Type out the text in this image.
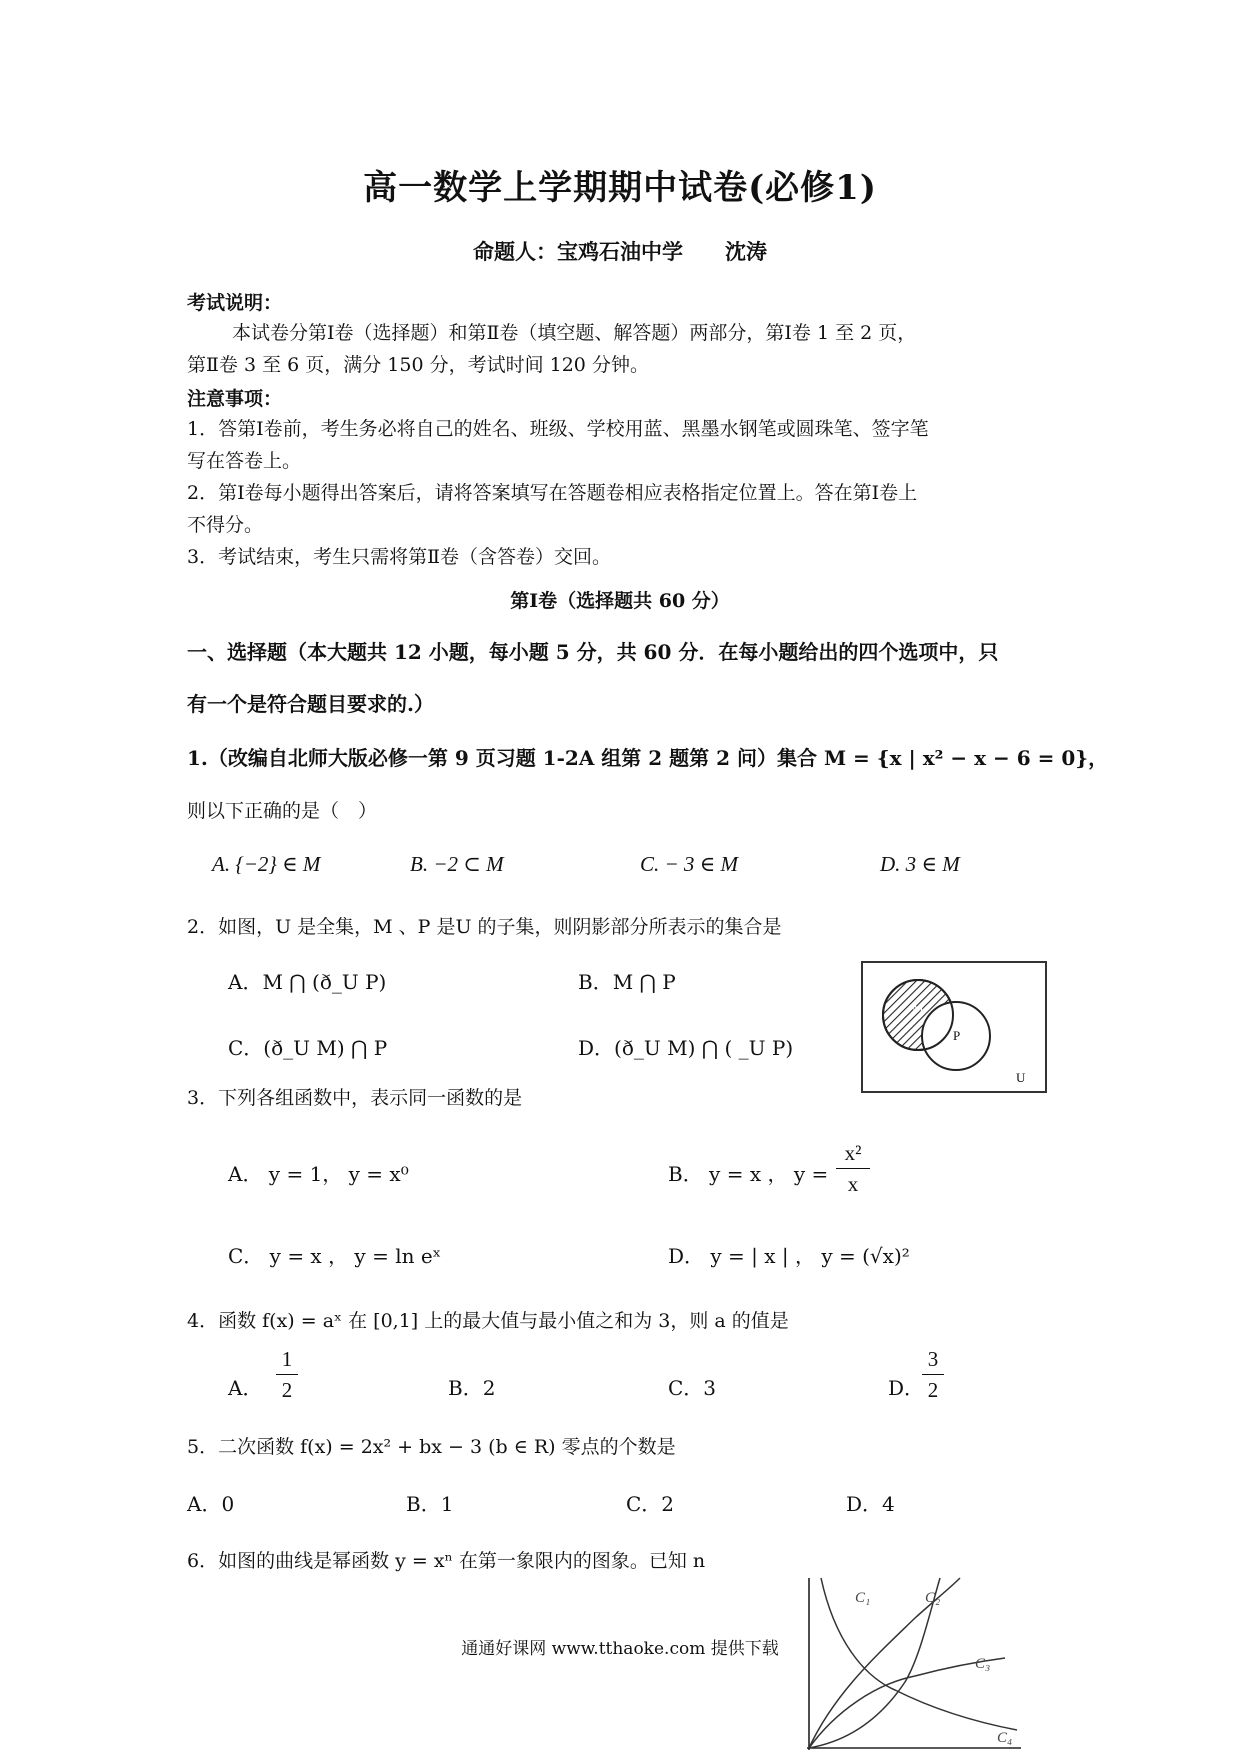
高一数学上学期期中试卷(必修1)
命题人：宝鸡石油中学　　沈涛
考试说明：
本试卷分第Ⅰ卷（选择题）和第Ⅱ卷（填空题、解答题）两部分，第Ⅰ卷 1 至 2 页，
第Ⅱ卷 3 至 6 页，满分 150 分，考试时间 120 分钟。
注意事项：
1．答第Ⅰ卷前，考生务必将自己的姓名、班级、学校用蓝、黑墨水钢笔或圆珠笔、签字笔
写在答卷上。
2．第Ⅰ卷每小题得出答案后，请将答案填写在答题卷相应表格指定位置上。答在第Ⅰ卷上
不得分。
3．考试结束，考生只需将第Ⅱ卷（含答卷）交回。
第Ⅰ卷（选择题共 60 分）
一、选择题（本大题共 12 小题，每小题 5 分，共 60 分．在每小题给出的四个选项中，只
有一个是符合题目要求的.）
1.（改编自北师大版必修一第 9 页习题 1-2A 组第 2 题第 2 问）集合 M = {x | x² − x − 6 = 0}，
则以下正确的是（　）
A. {−2} ∈ M	B. −2 ⊂ M	C. − 3 ∈ M	D. 3 ∈ M
2．如图，U 是全集，M 、P 是U 的子集，则阴影部分所表示的集合是
A．M ⋂ (ð_U P)	B．M ⋂ P
C．(ð_U M) ⋂ P	D．(ð_U M) ⋂ ( _U P)
M
P
U
3．下列各组函数中，表示同一函数的是
A． y = 1， y = x⁰	B． y = x ， y =
x²
x
C． y = x ， y = ln eˣ	D． y = | x | ， y = (√x)²
4．函数 f(x) = aˣ 在 [0,1] 上的最大值与最小值之和为 3，则 a 的值是
A．
1
2	B．2	C．3	D．
3
2
5．二次函数 f(x) = 2x² + bx − 3 (b ∈ R) 零点的个数是
A．0	B．1	C．2	D．4
6．如图的曲线是幂函数 y = xⁿ 在第一象限内的图象。已知 n
C₁	C₂
C₃
C₄
通通好课网 www.tthaoke.com 提供下载
